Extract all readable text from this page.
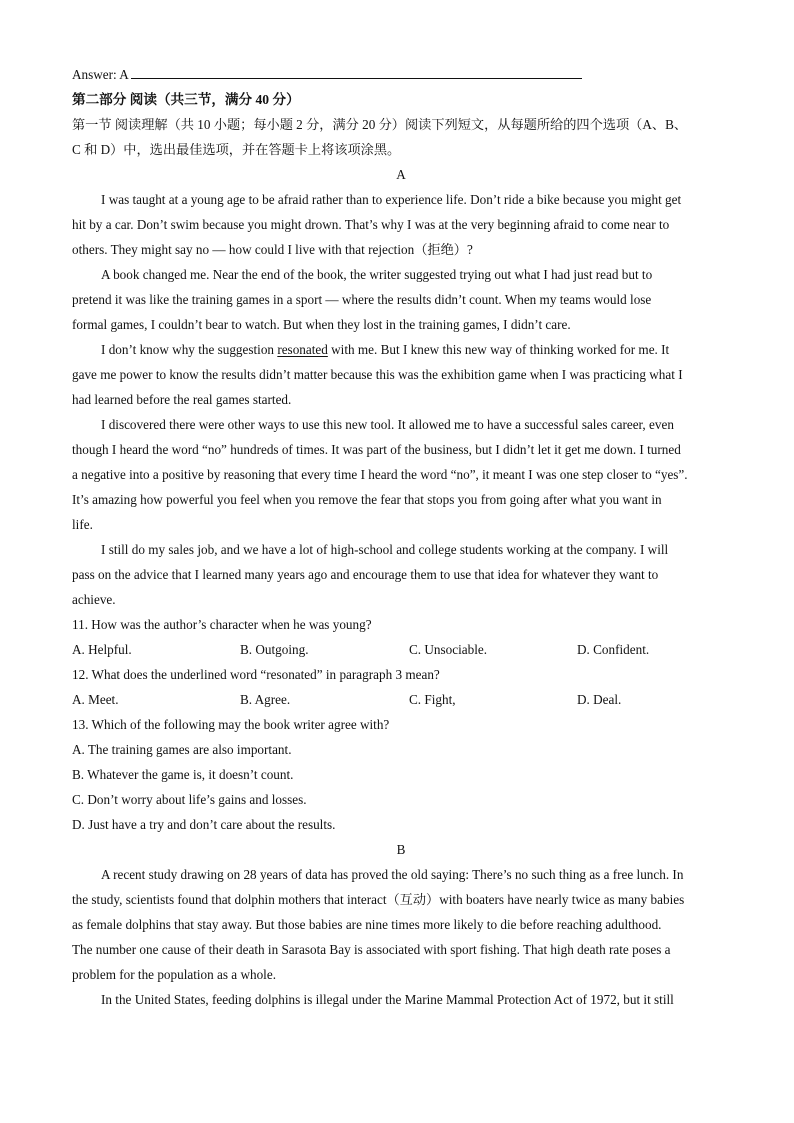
Answer: A
第二部分 阅读（共三节，满分 40 分）
第一节 阅读理解（共 10 小题；每小题 2 分，满分 20 分）阅读下列短文，从每题所给的四个选项（A、B、
C 和 D）中，选出最佳选项，并在答题卡上将该项涂黑。
A
I was taught at a young age to be afraid rather than to experience life. Don’t ride a bike because you might get
hit by a car. Don’t swim because you might drown. That’s why I was at the very beginning afraid to come near to
others. They might say no — how could I live with that rejection（拒绝）?
A book changed me. Near the end of the book, the writer suggested trying out what I had just read but to
pretend it was like the training games in a sport — where the results didn’t count. When my teams would lose
formal games, I couldn’t bear to watch. But when they lost in the training games, I didn’t care.
I don’t know why the suggestion resonated with me. But I knew this new way of thinking worked for me. It
gave me power to know the results didn’t matter because this was the exhibition game when I was practicing what I
had learned before the real games started.
I discovered there were other ways to use this new tool. It allowed me to have a successful sales career, even
though I heard the word “no” hundreds of times. It was part of the business, but I didn’t let it get me down. I turned
a negative into a positive by reasoning that every time I heard the word “no”, it meant I was one step closer to “yes”.
It’s amazing how powerful you feel when you remove the fear that stops you from going after what you want in
life.
I still do my sales job, and we have a lot of high-school and college students working at the company. I will
pass on the advice that I learned many years ago and encourage them to use that idea for whatever they want to
achieve.
11. How was the author’s character when he was young?
A. Helpful.	B. Outgoing.	C. Unsociable.	D. Confident.
12. What does the underlined word “resonated” in paragraph 3 mean?
A. Meet.	B. Agree.	C. Fight,	D. Deal.
13. Which of the following may the book writer agree with?
A. The training games are also important.
B. Whatever the game is, it doesn’t count.
C. Don’t worry about life’s gains and losses.
D. Just have a try and don’t care about the results.
B
A recent study drawing on 28 years of data has proved the old saying: There’s no such thing as a free lunch. In
the study, scientists found that dolphin mothers that interact（互动）with boaters have nearly twice as many babies
as female dolphins that stay away. But those babies are nine times more likely to die before reaching adulthood.
The number one cause of their death in Sarasota Bay is associated with sport fishing. That high death rate poses a
problem for the population as a whole.
In the United States, feeding dolphins is illegal under the Marine Mammal Protection Act of 1972, but it still
